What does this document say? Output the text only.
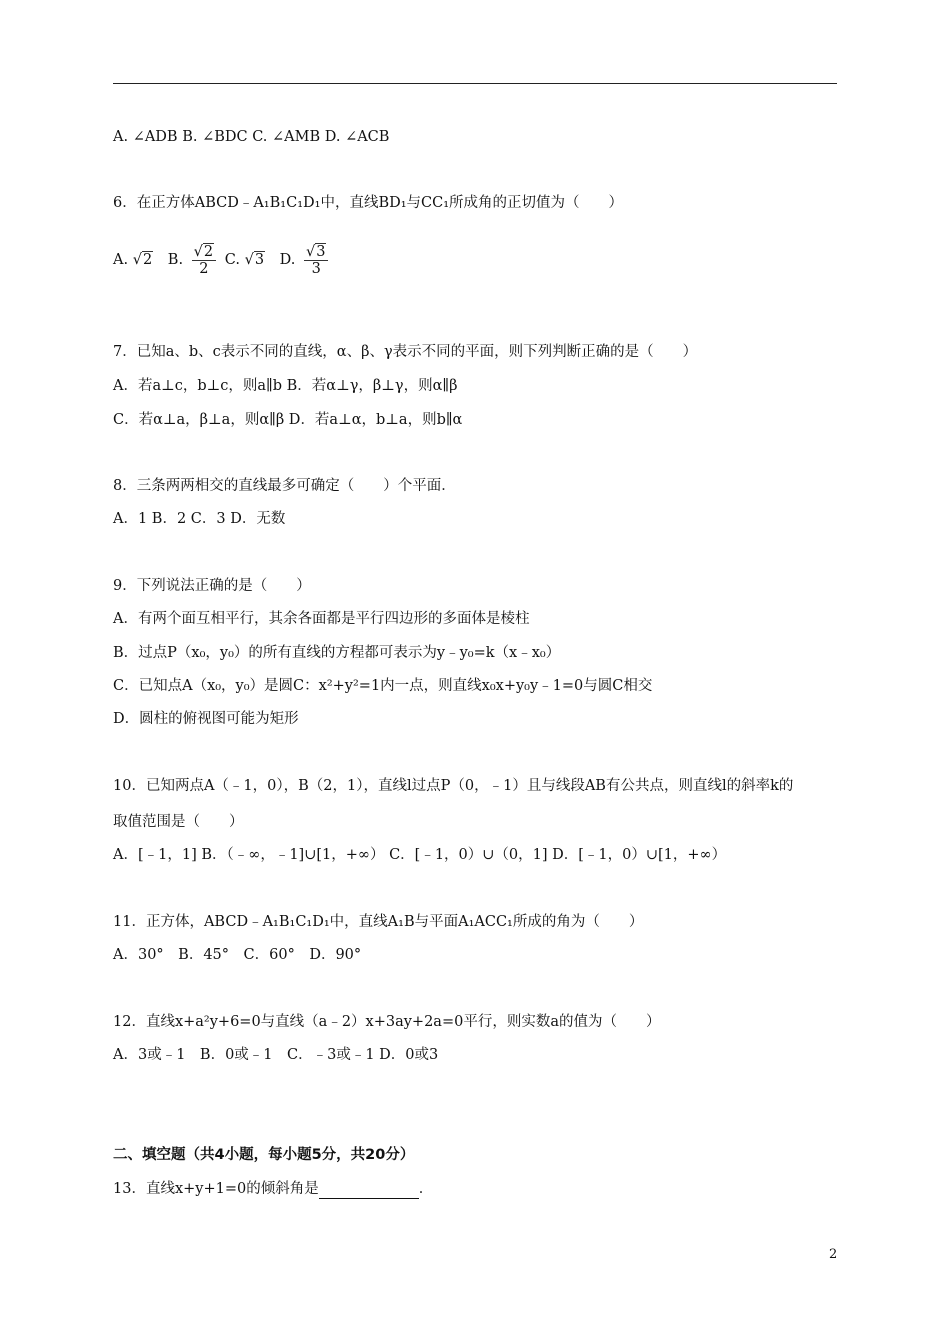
A. ∠ADB B. ∠BDC C. ∠AMB D. ∠ACB
6．在正方体ABCD﹣A₁B₁C₁D₁中，直线BD₁与CC₁所成角的正切值为（　　）
A. √2 B. $\frac{√2}{2} C$. √3 D. $\frac{√3}{3}$
7．已知a、b、c表示不同的直线，α、β、γ表示不同的平面，则下列判断正确的是（　　）
A．若a⊥c，b⊥c，则a∥b B．若α⊥γ，β⊥γ，则α∥β
C．若α⊥a，β⊥a，则α∥β D．若a⊥α，b⊥a，则b∥α
8．三条两两相交的直线最多可确定（　　）个平面．
A．1 B．2 C．3 D．无数
9．下列说法正确的是（　　）
A．有两个面互相平行，其余各面都是平行四边形的多面体是棱柱
B．过点P（x₀，y₀）的所有直线的方程都可表示为y﹣y₀=k（x﹣x₀）
C．已知点A（x₀，y₀）是圆C：x²+y²=1内一点，则直线x₀x+y₀y﹣1=0与圆C相交
D．圆柱的俯视图可能为矩形
10．已知两点A（﹣1，0），B（2，1），直线l过点P（0，﹣1）且与线段AB有公共点，则直线l的斜率k的
取值范围是（　　）
A．[﹣1，1] B．（﹣∞，﹣1]∪[1，+∞） C．[﹣1，0）∪（0，1] D．[﹣1，0）∪[1，+∞）
11．正方体，ABCD﹣A₁B₁C₁D₁中，直线A₁B与平面A₁ACC₁所成的角为（　　）
A．30°　B．45°　C．60°　D．90°
12．直线x+a²y+6=0与直线（a﹣2）x+3ay+2a=0平行，则实数a的值为（　　）
A．3或﹣1　B．0或﹣1　C．﹣3或﹣1 D．0或3
二、填空题（共4小题，每小题5分，共20分）
13．直线x+y+1=0的倾斜角是	．
2
